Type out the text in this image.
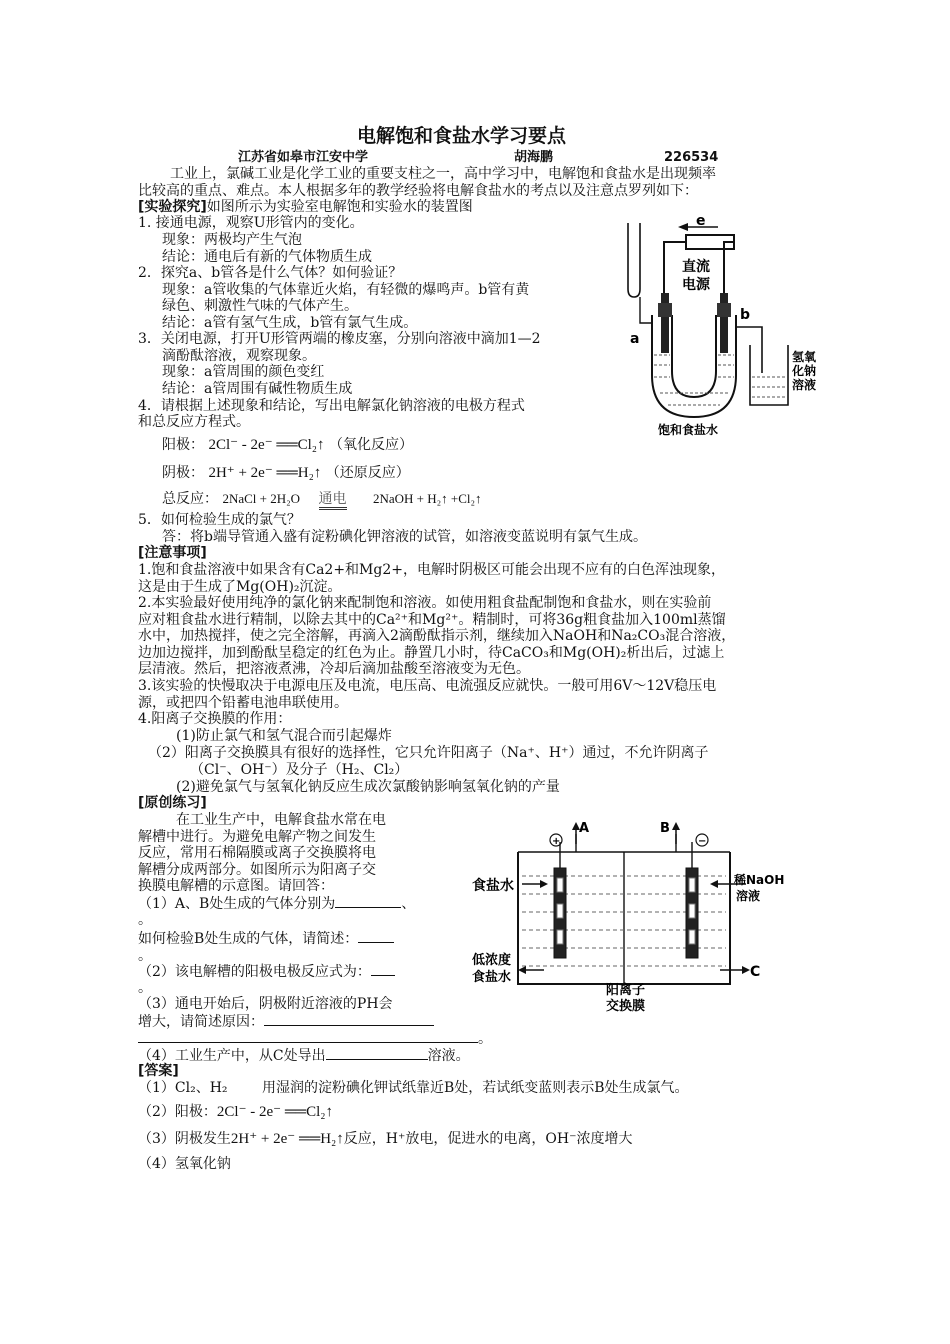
电解饱和食盐水学习要点
江苏省如皋市江安中学	胡海鹏	226534
工业上，氯碱工业是化学工业的重要支柱之一，高中学习中，电解饱和食盐水是出现频率
比较高的重点、难点。本人根据多年的教学经验将电解食盐水的考点以及注意点罗列如下：
[实验探究]如图所示为实验室电解饱和实验水的装置图
1. 接通电源，观察U形管内的变化。
现象：两极均产生气泡
结论：通电后有新的气体物质生成
2．探究a、b管各是什么气体？如何验证？
现象：a管收集的气体靠近火焰，有轻微的爆鸣声。b管有黄
绿色、刺激性气味的气体产生。
结论：a管有氢气生成，b管有氯气生成。
3．关闭电源，打开U形管两端的橡皮塞，分别向溶液中滴加1—2
滴酚酞溶液，观察现象。
现象：a管周围的颜色变红
结论：a管周围有碱性物质生成
4．请根据上述现象和结论，写出电解氯化钠溶液的电极方程式
和总反应方程式。
阳极： 2Cl⁻ - 2e⁻ ══Cl₂↑ （氧化反应）
阴极： 2H⁺ + 2e⁻ ══H₂↑ （还原反应）
总反应： 2NaCl + 2H₂O 通电 2NaOH + H₂↑ +Cl₂↑
5．如何检验生成的氯气？
答：将b端导管通入盛有淀粉碘化钾溶液的试管，如溶液变蓝说明有氯气生成。
e
直流
电源
a
b
氢氧
化钠
溶液
饱和食盐水
[注意事项]
1.饱和食盐溶液中如果含有Ca2+和Mg2+，电解时阴极区可能会出现不应有的白色浑浊现象，
这是由于生成了Mg(OH)₂沉淀。
2.本实验最好使用纯净的氯化钠来配制饱和溶液。如使用粗食盐配制饱和食盐水，则在实验前
应对粗食盐水进行精制，以除去其中的Ca²⁺和Mg²⁺。精制时，可将36g粗食盐加入100ml蒸馏
水中，加热搅拌，使之完全溶解，再滴入2滴酚酞指示剂，继续加入NaOH和Na₂CO₃混合溶液，
边加边搅拌，加到酚酞呈稳定的红色为止。静置几小时，待CaCO₃和Mg(OH)₂析出后，过滤上
层清液。然后，把溶液煮沸，冷却后滴加盐酸至溶液变为无色。
3.该实验的快慢取决于电源电压及电流，电压高、电流强反应就快。一般可用6V～12V稳压电
源，或把四个铅蓄电池串联使用。
4.阳离子交换膜的作用：
(1)防止氯气和氢气混合而引起爆炸
（2）阳离子交换膜具有很好的选择性，它只允许阳离子（Na⁺、H⁺）通过，不允许阴离子
（Cl⁻、OH⁻）及分子（H₂、Cl₂）
(2)避免氯气与氢氧化钠反应生成次氯酸钠影响氢氧化钠的产量
[原创练习]
在工业生产中，电解食盐水常在电
解槽中进行。为避免电解产物之间发生
反应，常用石棉隔膜或离子交换膜将电
解槽分成两部分。如图所示为阳离子交
换膜电解槽的示意图。请回答：
（1）A、B处生成的气体分别为	、
。
如何检验B处生成的气体，请简述：
。
（2）该电解槽的阳极电极反应式为：
。
（3）通电开始后，阴极附近溶液的PH会
增大，请简述原因：
。
（4）工业生产中，从C处导出	溶液。
A	B
+	−
食盐水	稀NaOH
溶液
低浓度
食盐水	C
阳离子
交换膜
[答案]
（1）Cl₂、H₂ 用湿润的淀粉碘化钾试纸靠近B处，若试纸变蓝则表示B处生成氯气。
（2）阳极：2Cl⁻ - 2e⁻ ══Cl₂↑
（3）阴极发生2H⁺ + 2e⁻ ══H₂↑反应，H⁺放电，促进水的电离，OH⁻浓度增大
（4）氢氧化钠
